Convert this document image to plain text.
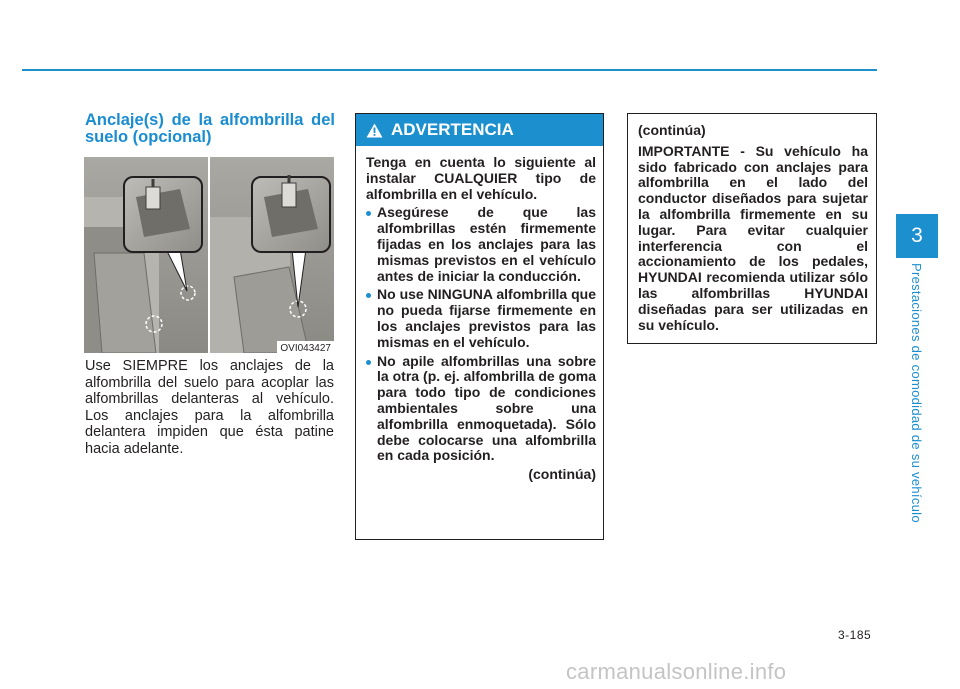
Anclaje(s) de la alfombrilla del suelo (opcional)
OVI043427
Use SIEMPRE los anclajes de la alfombrilla del suelo para acoplar las alfombrillas delanteras al vehículo. Los anclajes para la alfombrilla delantera impiden que ésta patine hacia adelante.
ADVERTENCIA

Tenga en cuenta lo siguiente al instalar CUALQUIER tipo de alfombrilla en el vehículo.

Asegúrese de que las alfombrillas estén firmemente fijadas en los anclajes para las mismas previstos en el vehículo antes de iniciar la conducción.
No use NINGUNA alfombrilla que no pueda fijarse firmemente en los anclajes previstos para las mismas en el vehículo.
No apile alfombrillas una sobre la otra (p. ej. alfombrilla de goma para todo tipo de condiciones ambientales sobre una alfombrilla enmoquetada). Sólo debe colocarse una alfombrilla en cada posición.
(continúa)
(continúa)
IMPORTANTE - Su vehículo ha sido fabricado con anclajes para alfombrilla en el lado del conductor diseñados para sujetar la alfombrilla firmemente en su lugar. Para evitar cualquier interferencia con el accionamiento de los pedales, HYUNDAI recomienda utilizar sólo las alfombrillas HYUNDAI diseñadas para ser utilizadas en su vehículo.
3
Prestaciones de comodidad de su vehículo
3-185
carmanualsonline.info
